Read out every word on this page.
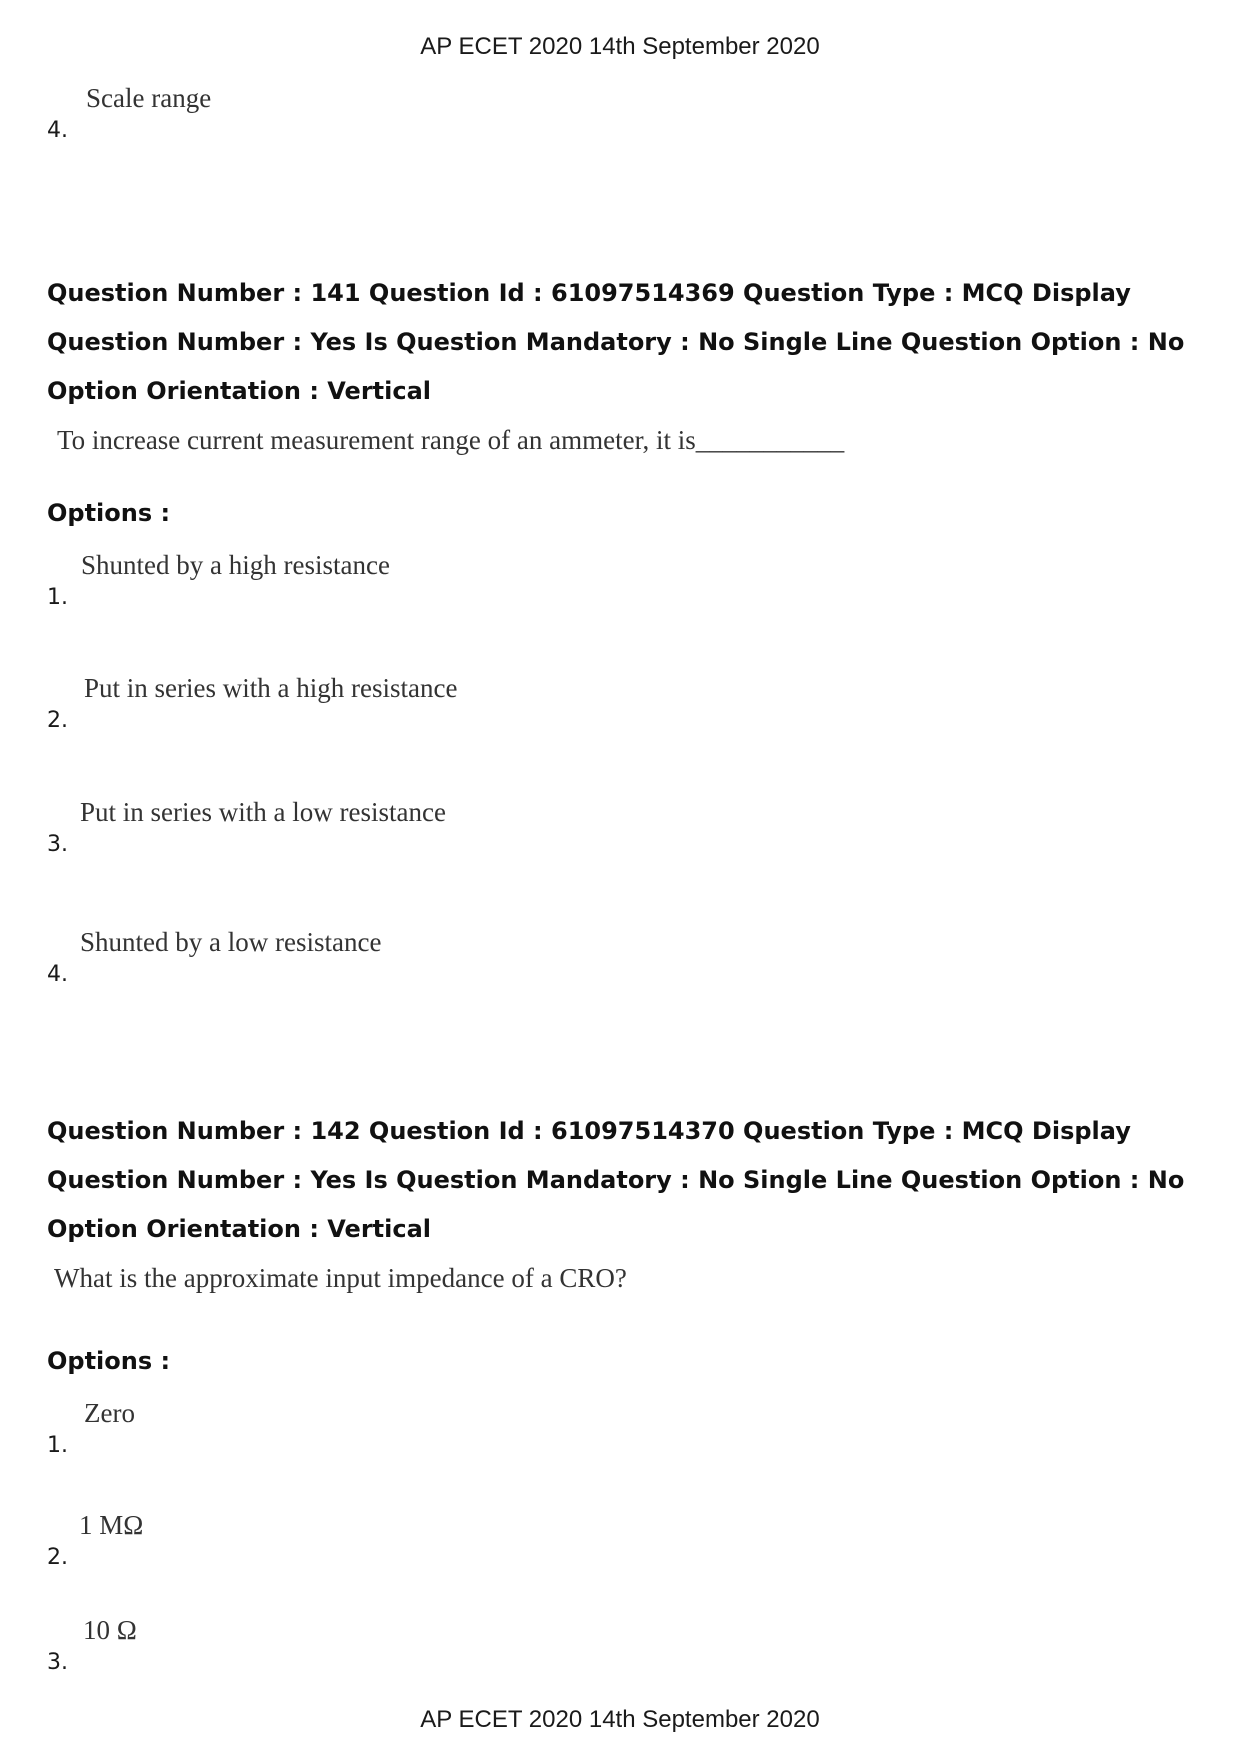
AP ECET 2020 14th September 2020
4.
Scale range
Question Number : 141 Question Id : 61097514369 Question Type : MCQ Display Question Number : Yes Is Question Mandatory : No Single Line Question Option : No Option Orientation : Vertical
To increase current measurement range of an ammeter, it is___________
Options :
1.
Shunted by a high resistance
2.
Put in series with a high resistance
3.
Put in series with a low resistance
4.
Shunted by a low resistance
Question Number : 142 Question Id : 61097514370 Question Type : MCQ Display Question Number : Yes Is Question Mandatory : No Single Line Question Option : No Option Orientation : Vertical
What is the approximate input impedance of a CRO?
Options :
1.
Zero
2.
1 MΩ
3.
10 Ω
AP ECET 2020 14th September 2020
